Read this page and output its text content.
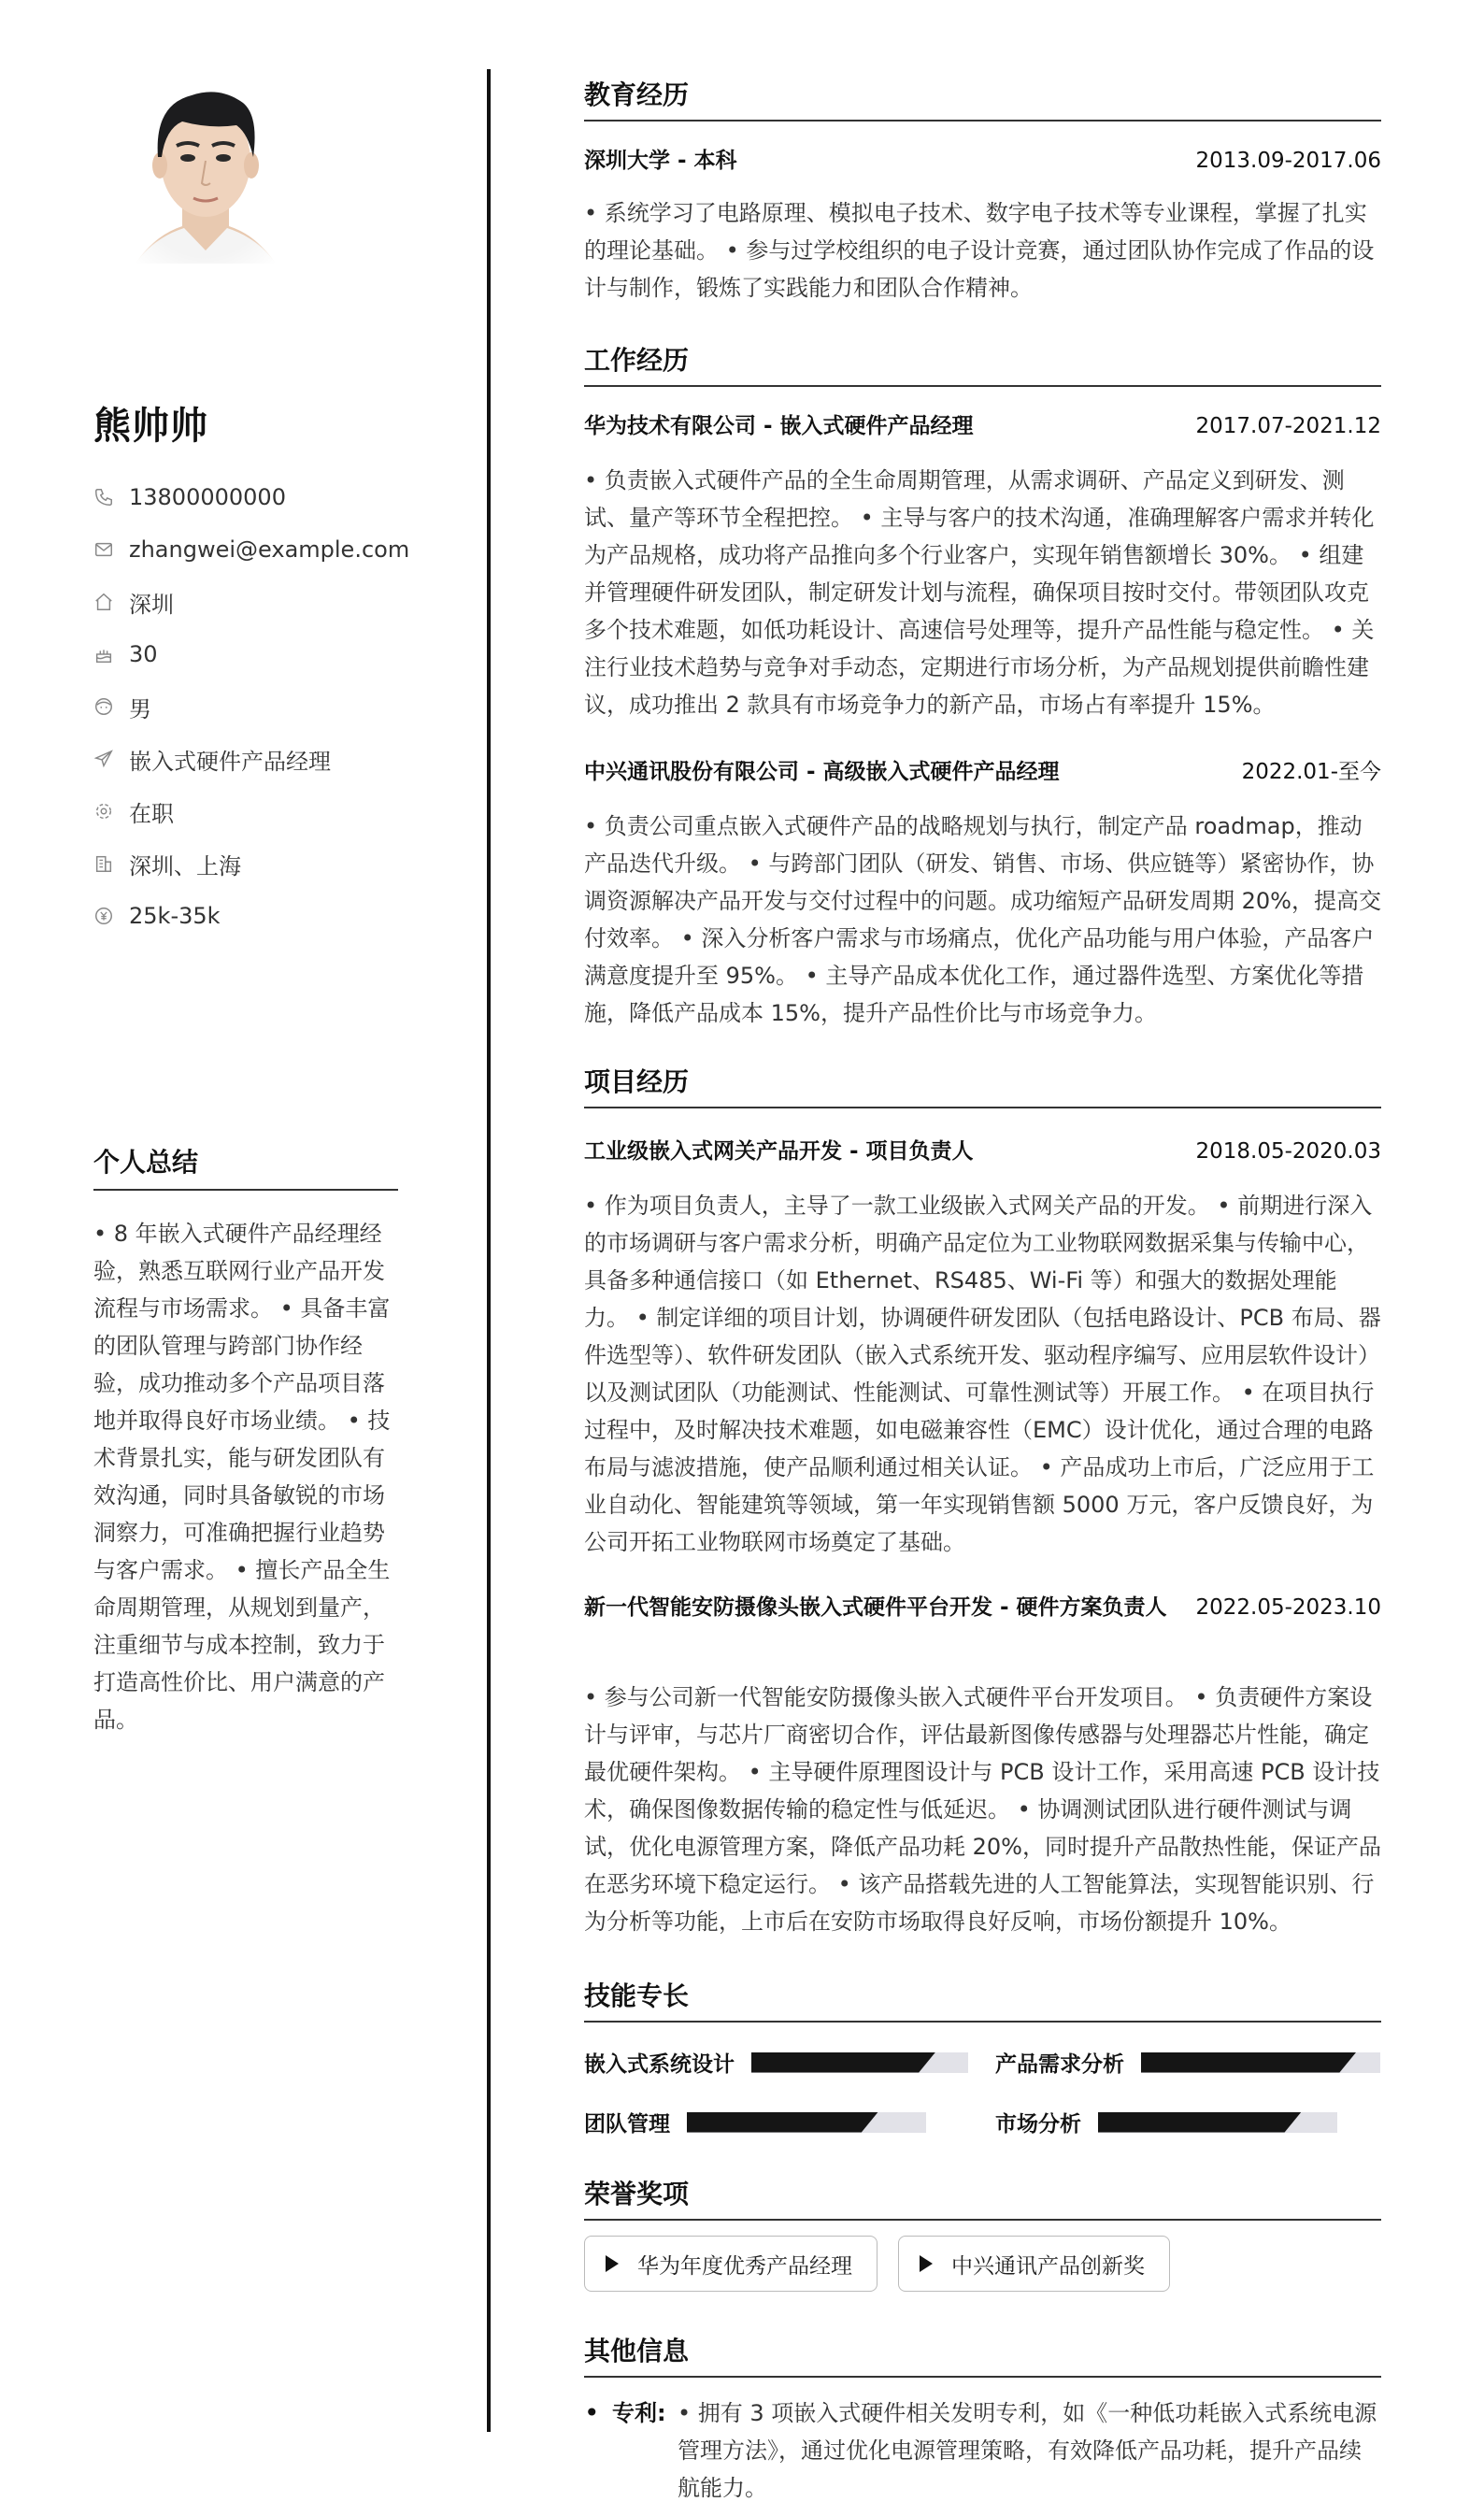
熊帅帅
13800000000
zhangwei@example.com
深圳
30
男
嵌入式硬件产品经理
在职
深圳、上海
25k-35k
个人总结
• 8 年嵌入式硬件产品经理经验，熟悉互联网行业产品开发流程与市场需求。 • 具备丰富的团队管理与跨部门协作经验，成功推动多个产品项目落地并取得良好市场业绩。 • 技术背景扎实，能与研发团队有效沟通，同时具备敏锐的市场洞察力，可准确把握行业趋势与客户需求。 • 擅长产品全生命周期管理，从规划到量产，注重细节与成本控制，致力于打造高性价比、用户满意的产品。
教育经历
深圳大学 - 本科	2013.09-2017.06
• 系统学习了电路原理、模拟电子技术、数字电子技术等专业课程，掌握了扎实的理论基础。 • 参与过学校组织的电子设计竞赛，通过团队协作完成了作品的设计与制作，锻炼了实践能力和团队合作精神。
工作经历
华为技术有限公司 - 嵌入式硬件产品经理	2017.07-2021.12
• 负责嵌入式硬件产品的全生命周期管理，从需求调研、产品定义到研发、测试、量产等环节全程把控。 • 主导与客户的技术沟通，准确理解客户需求并转化为产品规格，成功将产品推向多个行业客户，实现年销售额增长 30%。 • 组建并管理硬件研发团队，制定研发计划与流程，确保项目按时交付。带领团队攻克多个技术难题，如低功耗设计、高速信号处理等，提升产品性能与稳定性。 • 关注行业技术趋势与竞争对手动态，定期进行市场分析，为产品规划提供前瞻性建议，成功推出 2 款具有市场竞争力的新产品，市场占有率提升 15%。
中兴通讯股份有限公司 - 高级嵌入式硬件产品经理	2022.01-至今
• 负责公司重点嵌入式硬件产品的战略规划与执行，制定产品 roadmap，推动产品迭代升级。 • 与跨部门团队（研发、销售、市场、供应链等）紧密协作，协调资源解决产品开发与交付过程中的问题。成功缩短产品研发周期 20%，提高交付效率。 • 深入分析客户需求与市场痛点，优化产品功能与用户体验，产品客户满意度提升至 95%。 • 主导产品成本优化工作，通过器件选型、方案优化等措施，降低产品成本 15%，提升产品性价比与市场竞争力。
项目经历
工业级嵌入式网关产品开发 - 项目负责人	2018.05-2020.03
• 作为项目负责人，主导了一款工业级嵌入式网关产品的开发。 • 前期进行深入的市场调研与客户需求分析，明确产品定位为工业物联网数据采集与传输中心，具备多种通信接口（如 Ethernet、RS485、Wi-Fi 等）和强大的数据处理能力。 • 制定详细的项目计划，协调硬件研发团队（包括电路设计、PCB 布局、器件选型等）、软件研发团队（嵌入式系统开发、驱动程序编写、应用层软件设计）以及测试团队（功能测试、性能测试、可靠性测试等）开展工作。 • 在项目执行过程中，及时解决技术难题，如电磁兼容性（EMC）设计优化，通过合理的电路布局与滤波措施，使产品顺利通过相关认证。 • 产品成功上市后，广泛应用于工业自动化、智能建筑等领域，第一年实现销售额 5000 万元，客户反馈良好，为公司开拓工业物联网市场奠定了基础。
新一代智能安防摄像头嵌入式硬件平台开发 - 硬件方案负责人 2022.05-2023.10
• 参与公司新一代智能安防摄像头嵌入式硬件平台开发项目。 • 负责硬件方案设计与评审，与芯片厂商密切合作，评估最新图像传感器与处理器芯片性能，确定最优硬件架构。 • 主导硬件原理图设计与 PCB 设计工作，采用高速 PCB 设计技术，确保图像数据传输的稳定性与低延迟。 • 协调测试团队进行硬件测试与调试，优化电源管理方案，降低产品功耗 20%，同时提升产品散热性能，保证产品在恶劣环境下稳定运行。 • 该产品搭载先进的人工智能算法，实现智能识别、行为分析等功能，上市后在安防市场取得良好反响，市场份额提升 10%。
技能专长
嵌入式系统设计	产品需求分析
团队管理	市场分析
荣誉奖项
华为年度优秀产品经理	中兴通讯产品创新奖
其他信息
• 专利: • 拥有 3 项嵌入式硬件相关发明专利，如《一种低功耗嵌入式系统电源管理方法》，通过优化电源管理策略，有效降低产品功耗，提升产品续航能力。
